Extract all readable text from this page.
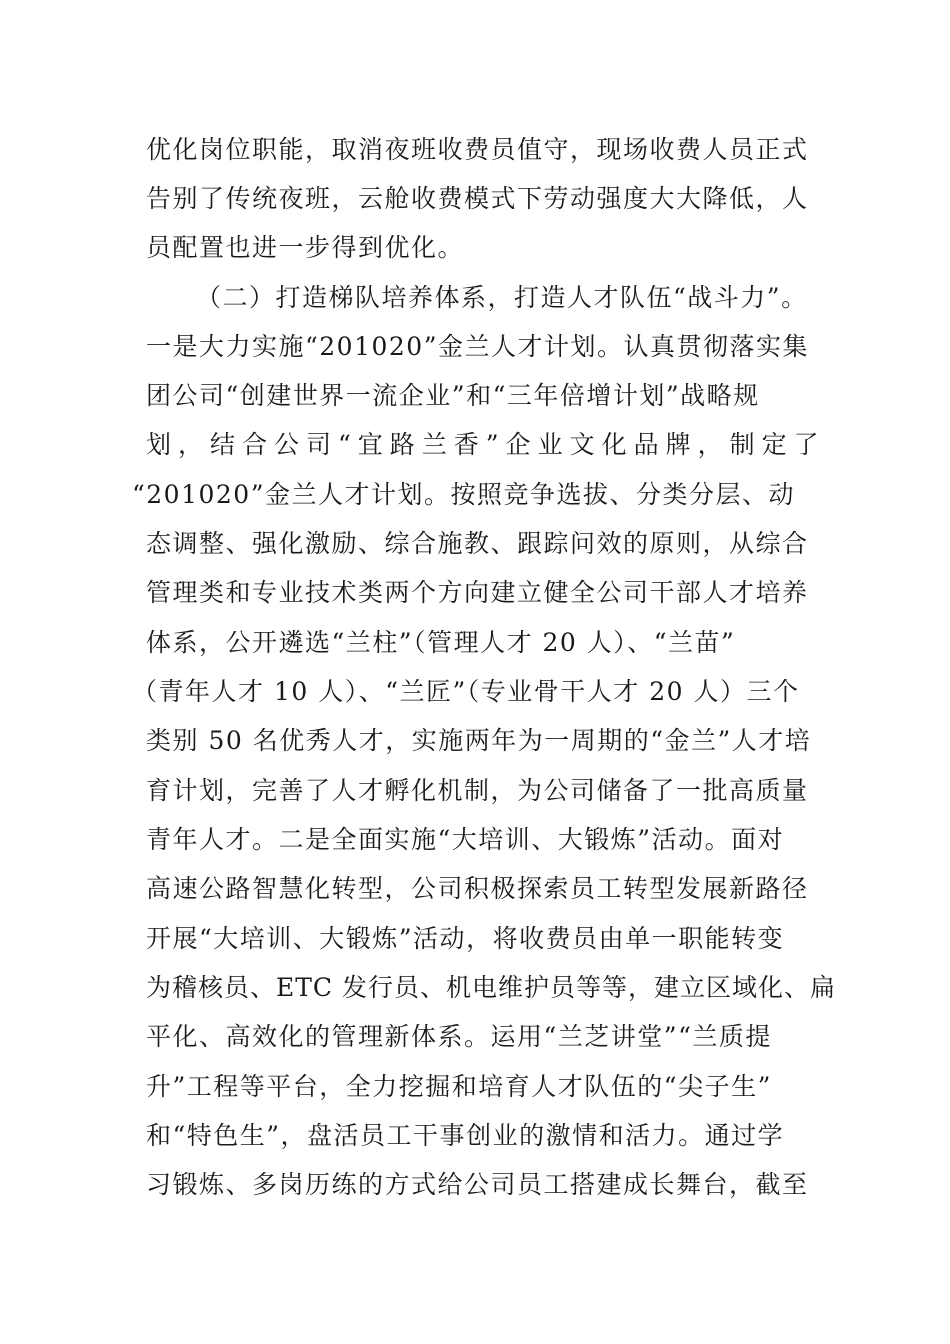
优化岗位职能，取消夜班收费员值守，现场收费人员正式
告别了传统夜班，云舱收费模式下劳动强度大大降低，人
员配置也进一步得到优化。
（二）打造梯队培养体系，打造人才队伍“战斗力”。
一是大力实施“201020”金兰人才计划。认真贯彻落实集
团公司“创建世界一流企业”和“三年倍增计划”战略规
划，结合公司“宜路兰香”企业文化品牌，制定了
“201020”金兰人才计划。按照竞争选拔、分类分层、动
态调整、强化激励、综合施教、跟踪问效的原则，从综合
管理类和专业技术类两个方向建立健全公司干部人才培养
体系，公开遴选“兰柱”（管理人才 20 人）、“兰苗”
（青年人才 10 人）、“兰匠”（专业骨干人才 20 人）三个
类别 50 名优秀人才，实施两年为一周期的“金兰”人才培
育计划，完善了人才孵化机制，为公司储备了一批高质量
青年人才。二是全面实施“大培训、大锻炼”活动。面对
高速公路智慧化转型，公司积极探索员工转型发展新路径
开展“大培训、大锻炼”活动，将收费员由单一职能转变
为稽核员、ETC 发行员、机电维护员等等，建立区域化、扁
平化、高效化的管理新体系。运用“兰芝讲堂”“兰质提
升”工程等平台，全力挖掘和培育人才队伍的“尖子生”
和“特色生”，盘活员工干事创业的激情和活力。通过学
习锻炼、多岗历练的方式给公司员工搭建成长舞台，截至
